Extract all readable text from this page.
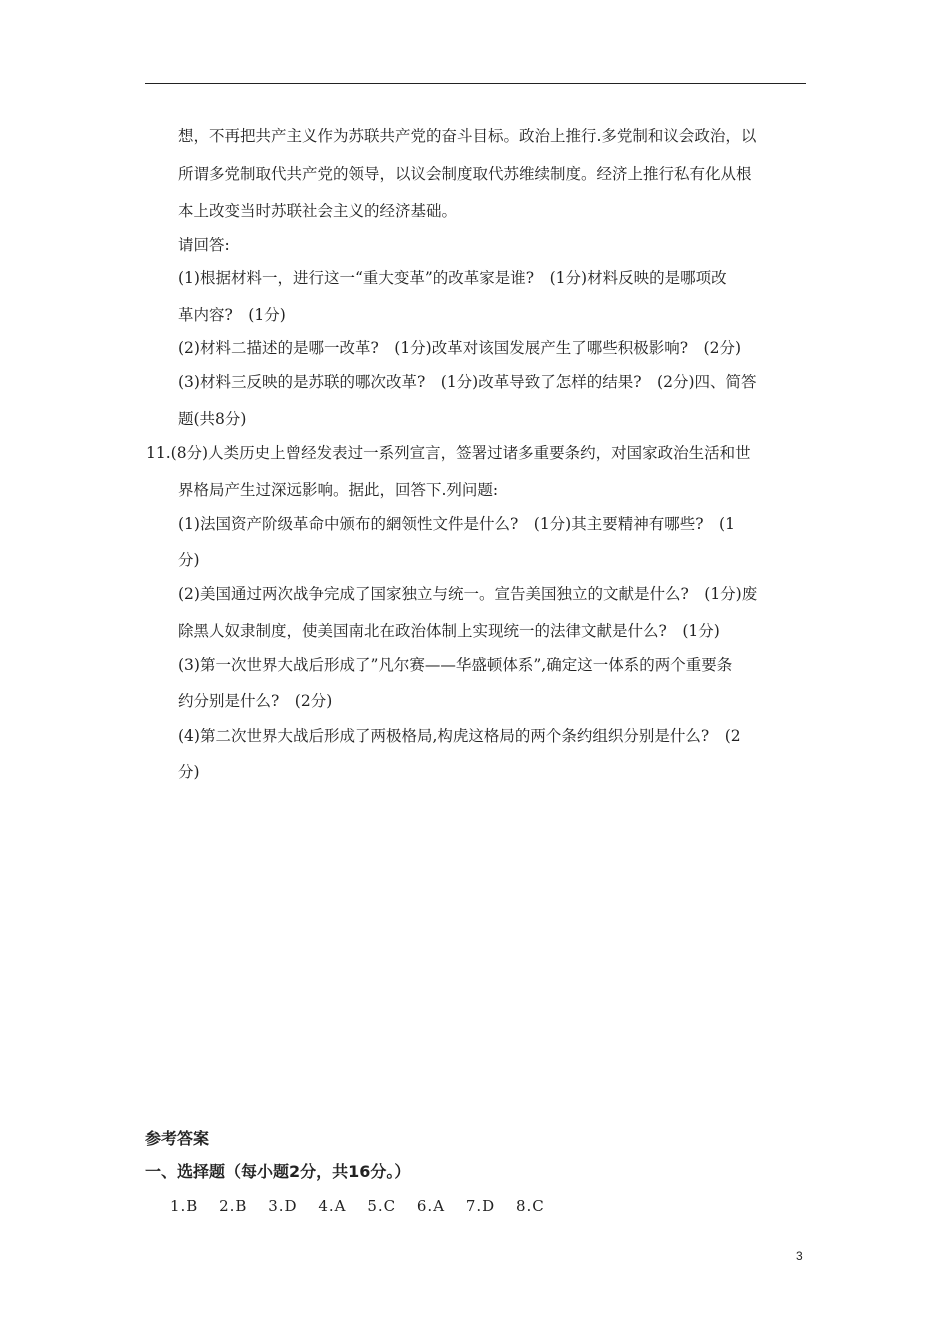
想，不再把共产主义作为苏联共产党的奋斗目标。政治上推行.多党制和议会政治，以
所谓多党制取代共产党的领导，以议会制度取代苏维续制度。经济上推行私有化从根
本上改变当时苏联社会主义的经济基础。
请回答:
(1)根据材料一，进行这一“重大变革”的改革家是谁?　(1分)材料反映的是哪项改
革内容?　(1分)
(2)材料二描述的是哪一改革?　(1分)改革对该国发展产生了哪些积极影响?　(2分)
(3)材料三反映的是苏联的哪次改革?　(1分)改革导致了怎样的结果?　(2分)四、简答
题(共8分)
11.(8分)人类历史上曾经发表过一系列宣言，签署过诸多重要条约，对国家政治生活和世
界格局产生过深远影响。据此，回答下.列问题:
(1)法国资产阶级革命中颁布的網领性文件是什么?　(1分)其主要精神有哪些?　(1
分)
(2)美国通过两次战争完成了国家独立与统一。宣告美国独立的文献是什么?　(1分)废
除黑人奴隶制度，使美国南北在政治体制上实现统一的法律文献是什么?　(1分)
(3)第一次世界大战后形成了”凡尔赛——华盛顿体系”,确定这一体系的两个重要条
约分别是什么?　(2分)
(4)第二次世界大战后形成了两极格局,构虎这格局的两个条约组织分别是什么?　(2
分)
参考答案
一、选择题（每小题2分，共16分。）
1.B 2.B 3.D 4.A 5.C 6.A 7.D 8.C
3
